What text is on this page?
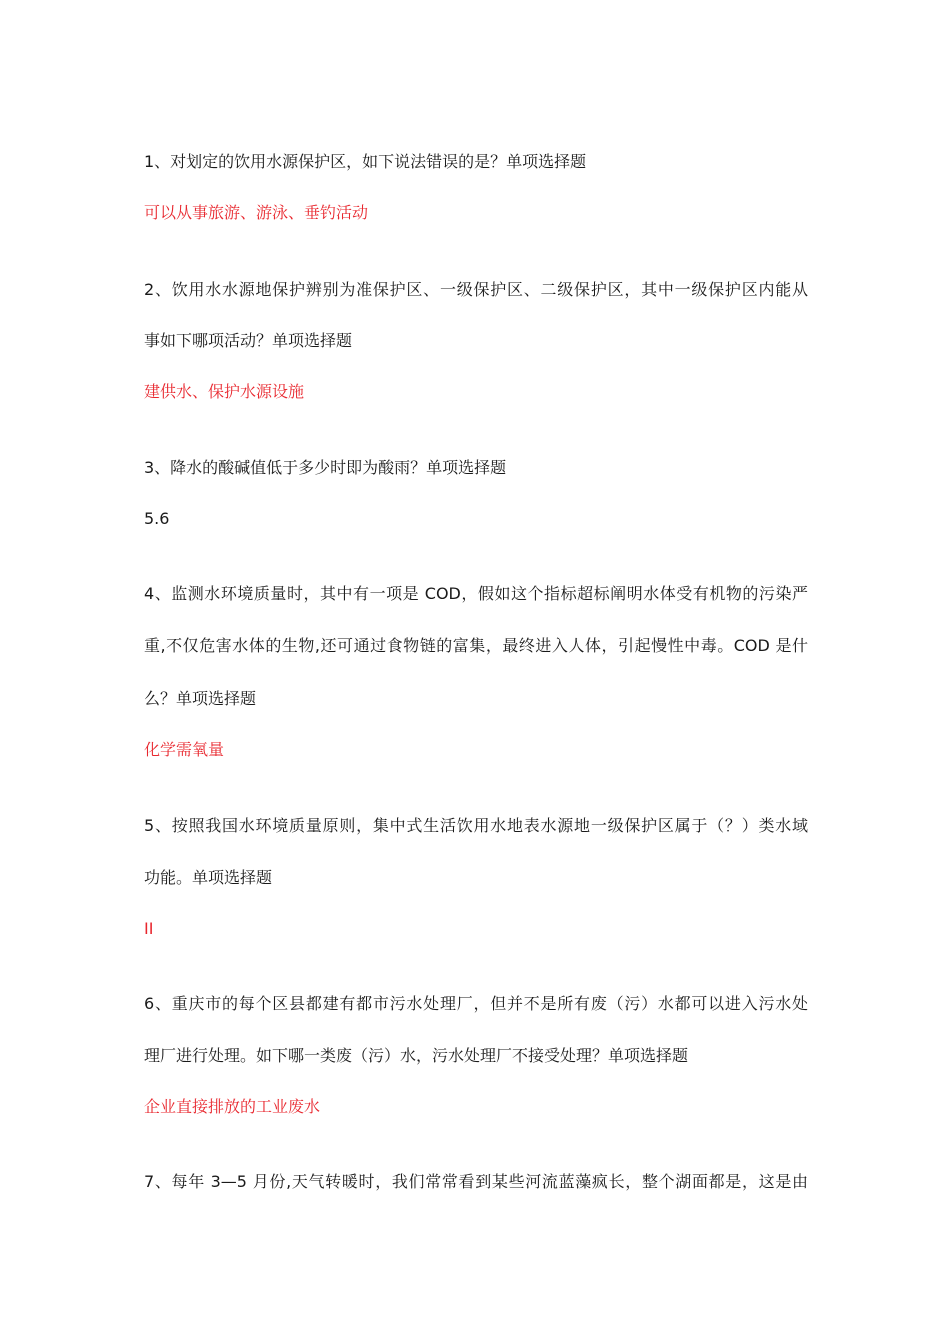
1、对划定的饮用水源保护区，如下说法错误的是？单项选择题
可以从事旅游、游泳、垂钓活动
2、饮用水水源地保护辨别为准保护区、一级保护区、二级保护区，其中一级保护区内能从
事如下哪项活动？单项选择题
建供水、保护水源设施
3、降水的酸碱值低于多少时即为酸雨？单项选择题
5.6
4、监测水环境质量时，其中有一项是 COD，假如这个指标超标阐明水体受有机物的污染严
重,不仅危害水体的生物,还可通过食物链的富集，最终进入人体，引起慢性中毒。COD 是什
么？单项选择题
化学需氧量
5、按照我国水环境质量原则，集中式生活饮用水地表水源地一级保护区属于（？）类水域
功能。单项选择题
II
6、重庆市的每个区县都建有都市污水处理厂，但并不是所有废（污）水都可以进入污水处
理厂进行处理。如下哪一类废（污）水，污水处理厂不接受处理？单项选择题
企业直接排放的工业废水
7、每年 3—5 月份,天气转暖时，我们常常看到某些河流蓝藻疯长，整个湖面都是，这是由
